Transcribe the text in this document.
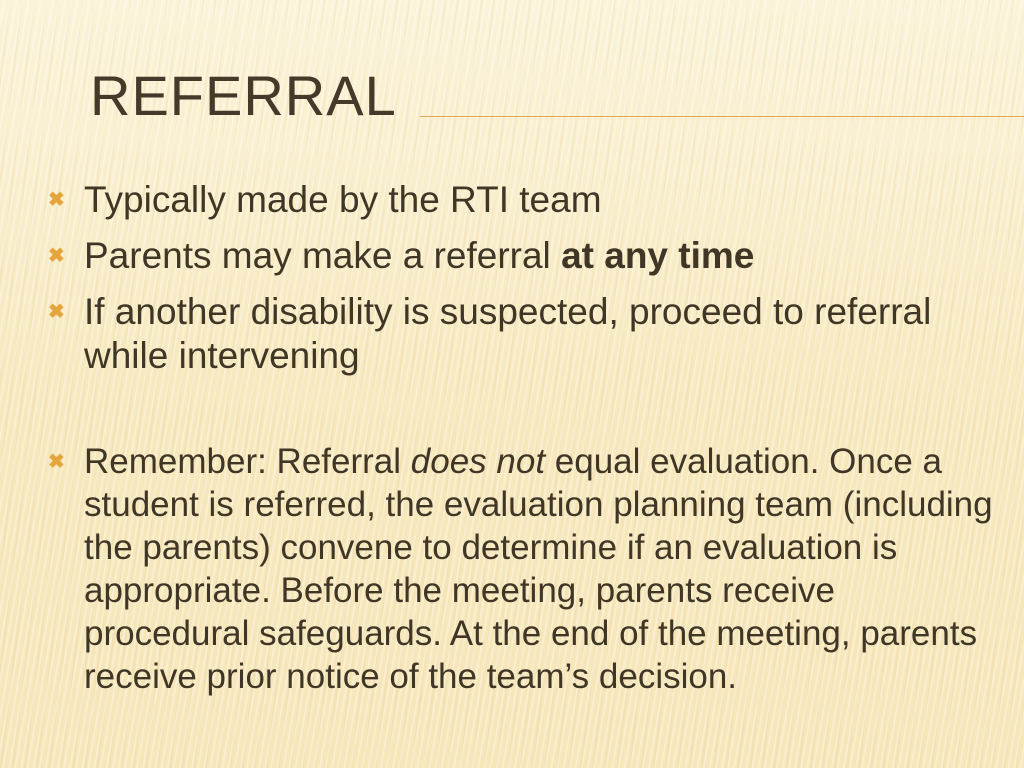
REFERRAL
✖ Typically made by the RTI team
✖ Parents may make a referral at any time
✖ If another disability is suspected, proceed to referral while intervening
✖ Remember: Referral does not equal evaluation. Once a student is referred, the evaluation planning team (including the parents) convene to determine if an evaluation is appropriate. Before the meeting, parents receive procedural safeguards. At the end of the meeting, parents receive prior notice of the team’s decision.
